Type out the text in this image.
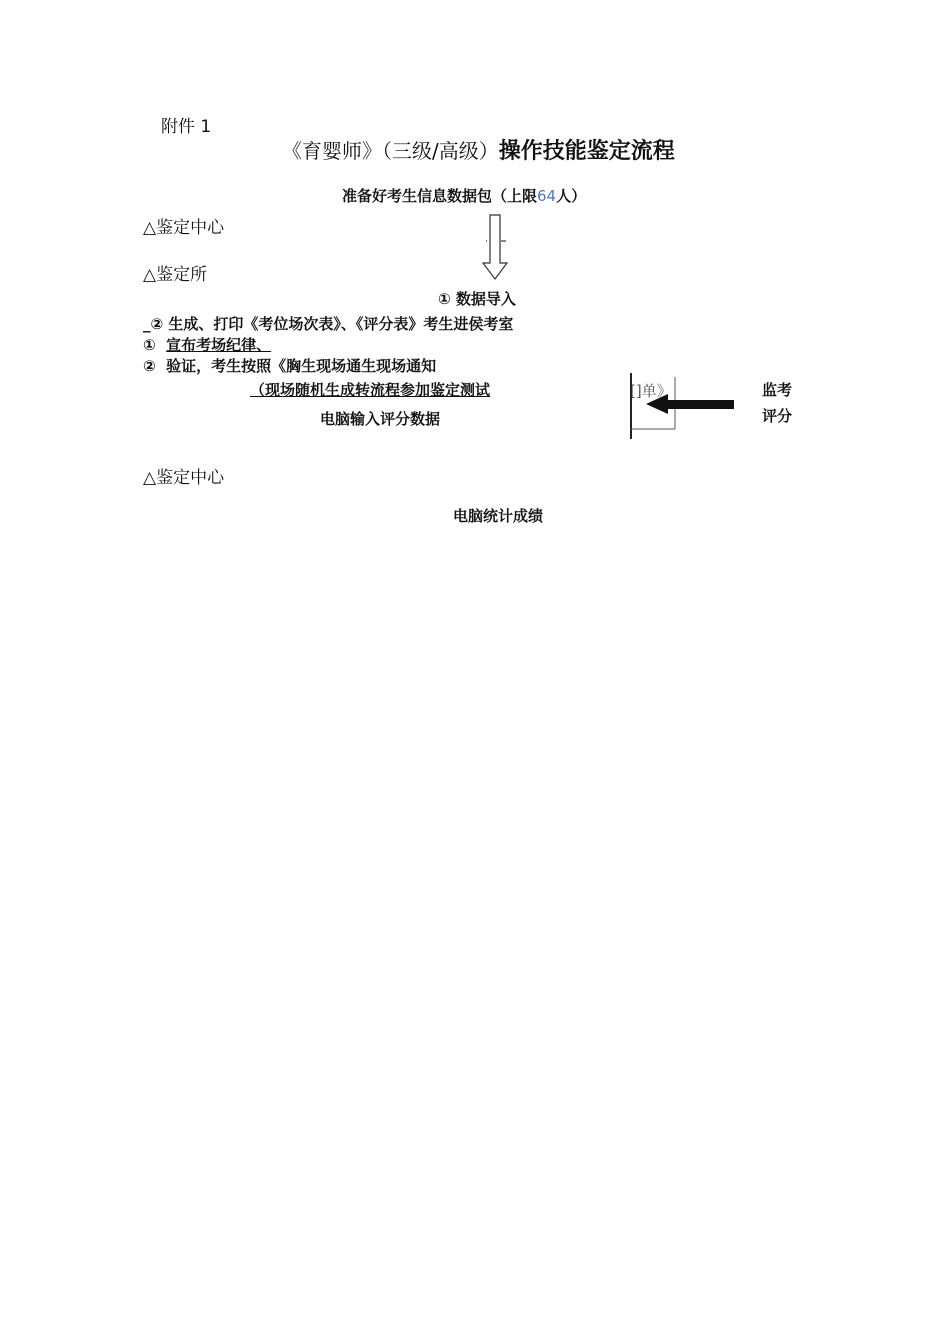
附件 1
《育婴师》（三级/高级）操作技能鉴定流程
准备好考生信息数据包（上限64人）
△鉴定中心
△鉴定所
① 数据导入
_② 生成、打印《考位场次表》、《评分表》考生进侯考室
① 宣布考场纪律、
② 验证，考生按照《胸生现场通生现场通知
（现场随机生成转流程参加鉴定测试	[]单》	监考
评分
电脑输入评分数据
△鉴定中心
电脑统计成绩
